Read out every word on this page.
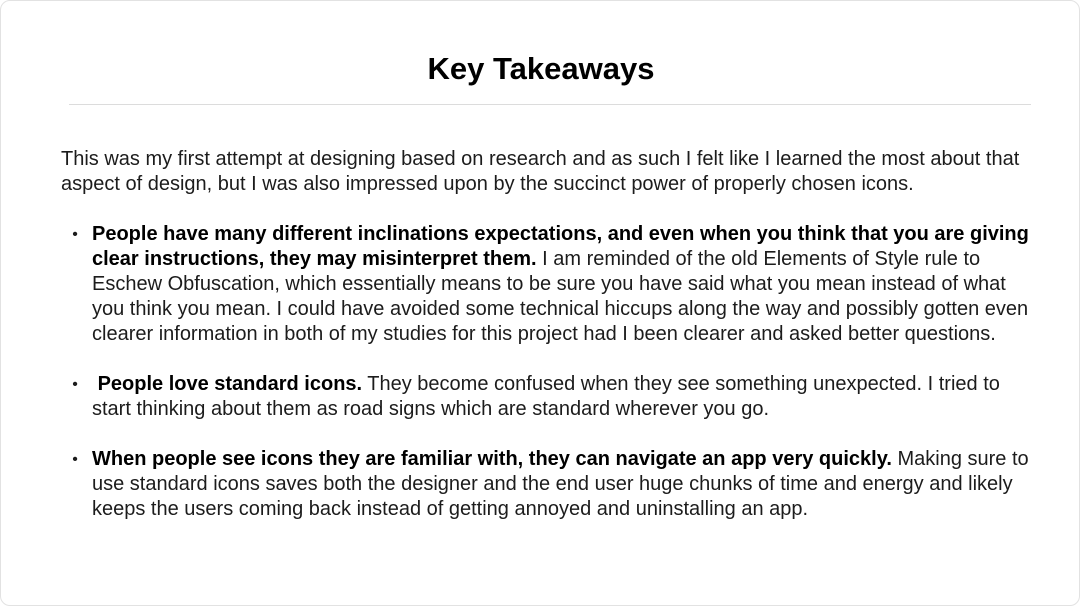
Key Takeaways

This was my first attempt at designing based on research and as such I felt like I learned the most about that aspect of design, but I was also impressed upon by the succinct power of properly chosen icons.

• People have many different inclinations expectations, and even when you think that you are giving clear instructions, they may misinterpret them. I am reminded of the old Elements of Style rule to Eschew Obfuscation, which essentially means to be sure you have said what you mean instead of what you think you mean. I could have avoided some technical hiccups along the way and possibly gotten even clearer information in both of my studies for this project had I been clearer and asked better questions.
• People love standard icons. They become confused when they see something unexpected. I tried to start thinking about them as road signs which are standard wherever you go.
• When people see icons they are familiar with, they can navigate an app very quickly. Making sure to use standard icons saves both the designer and the end user huge chunks of time and energy and likely keeps the users coming back instead of getting annoyed and uninstalling an app.
